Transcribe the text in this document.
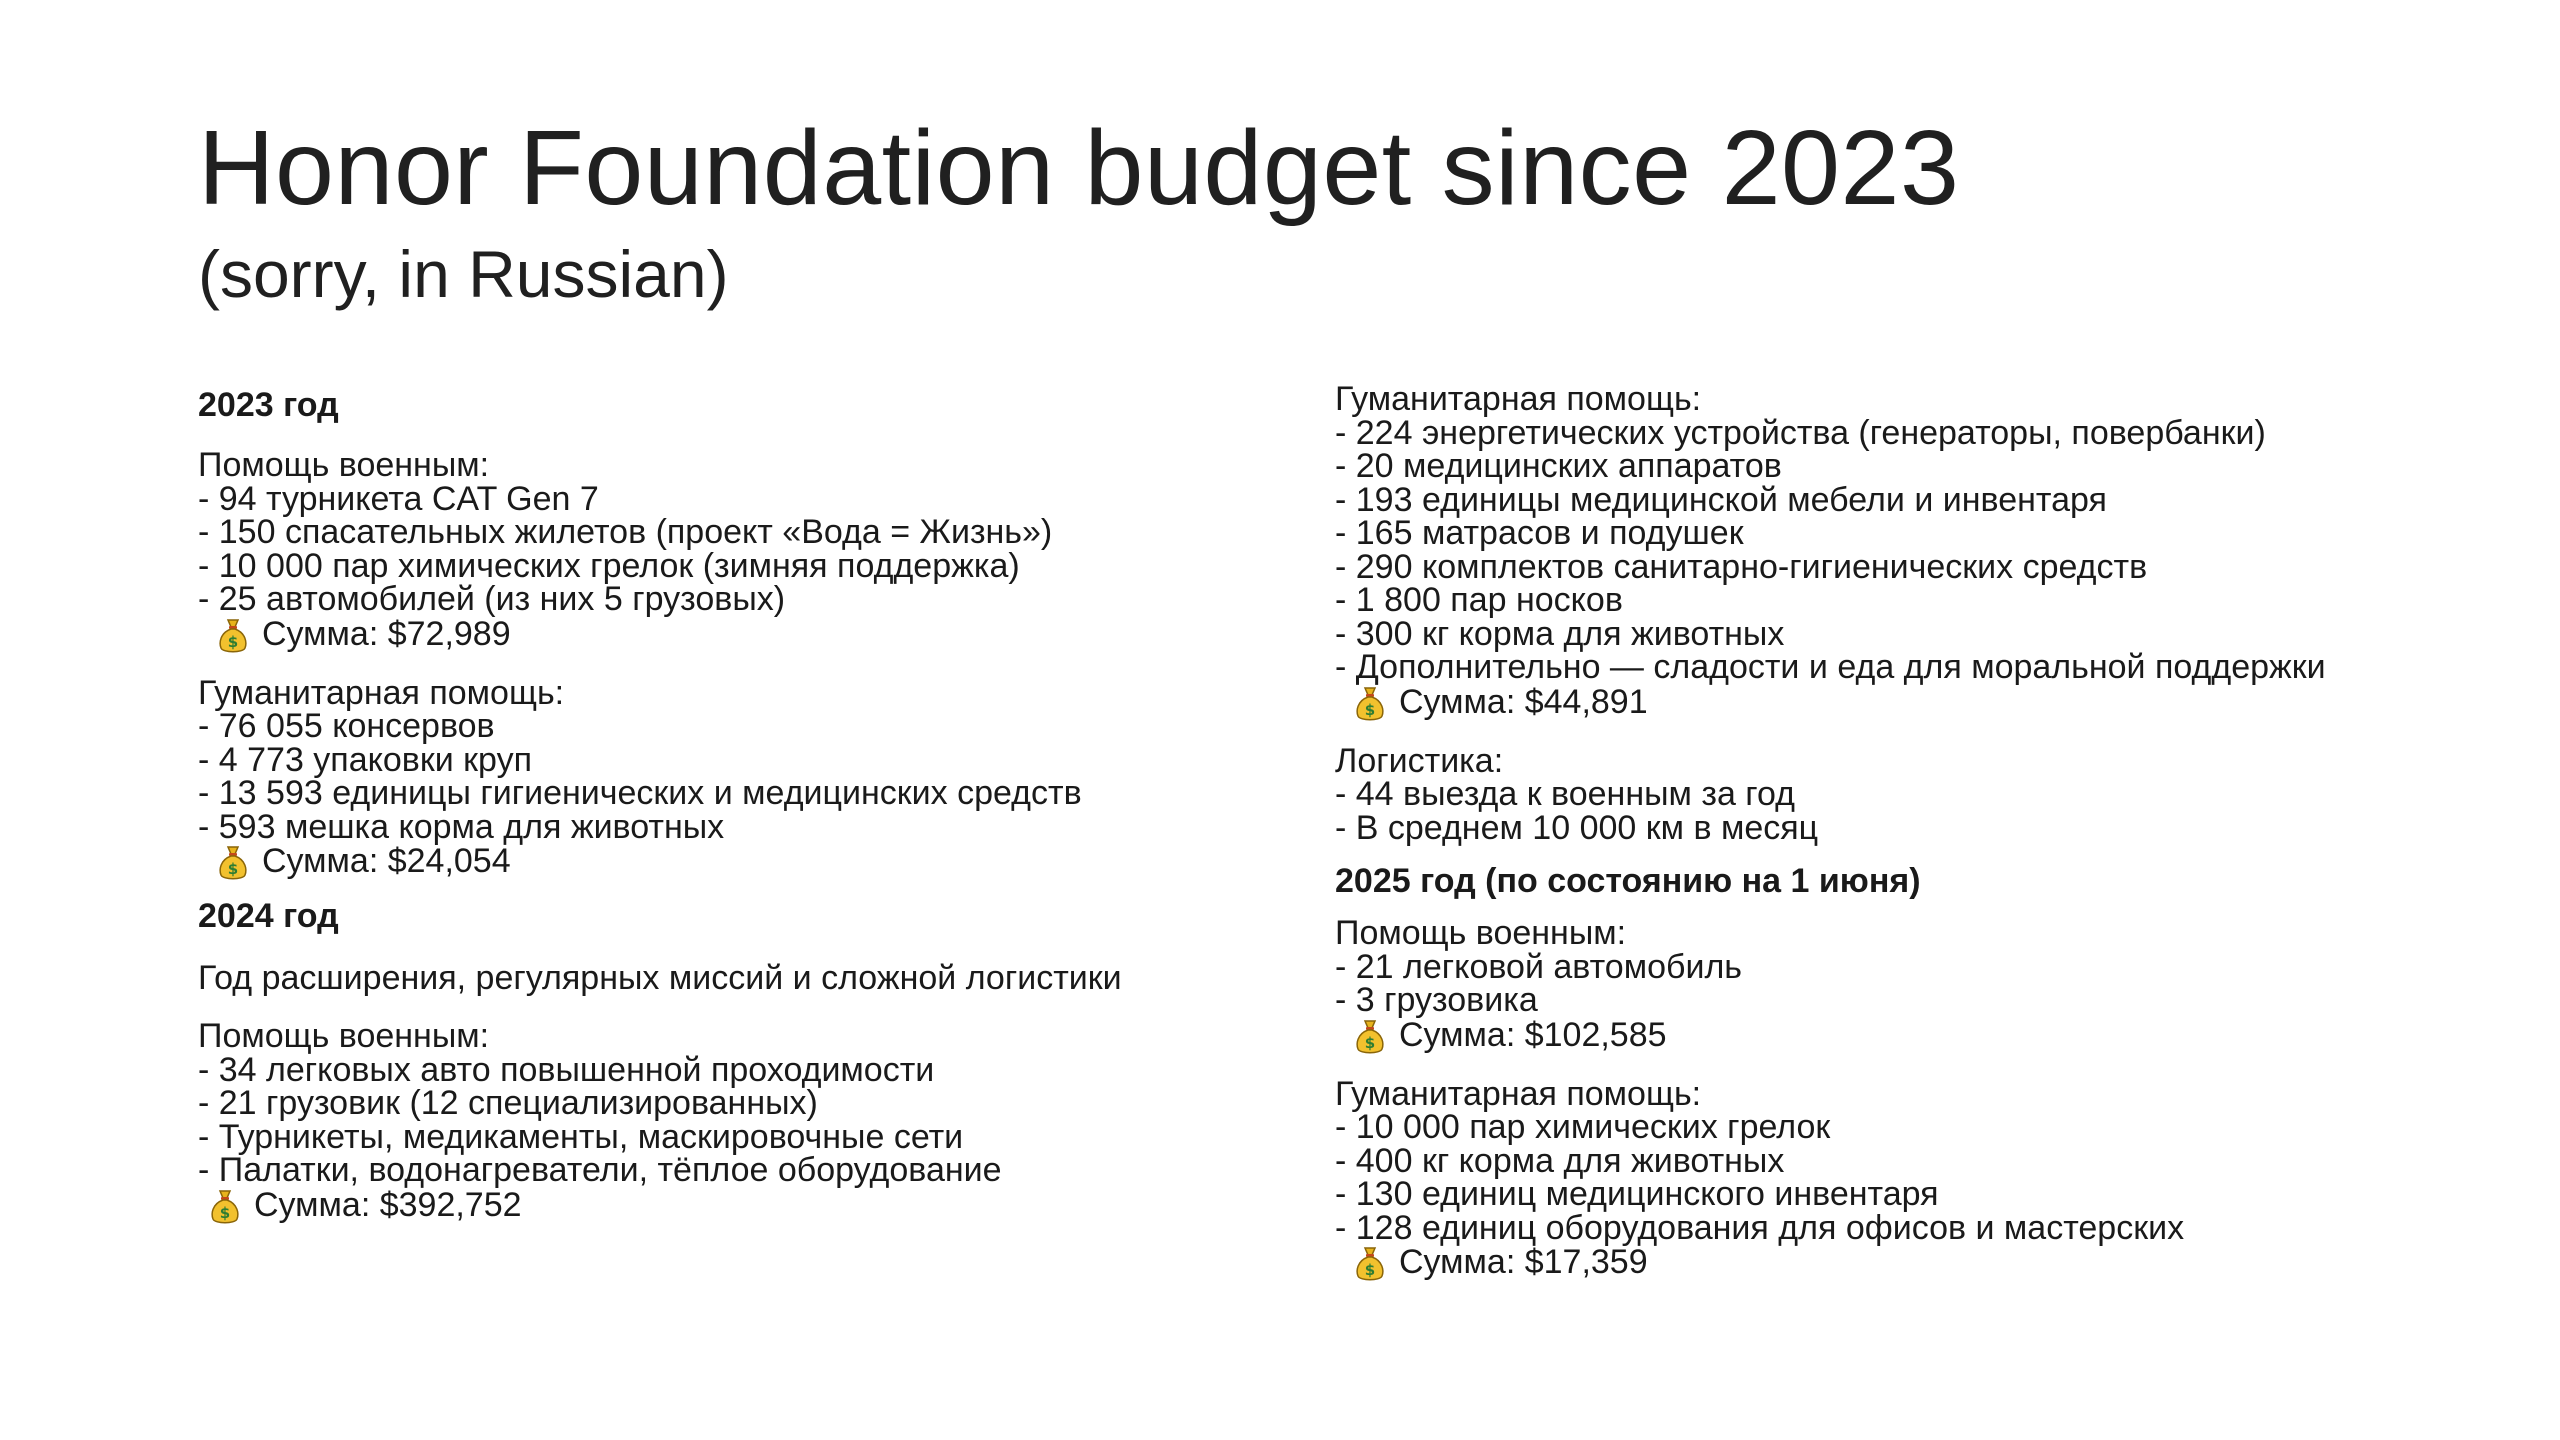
Honor Foundation budget since 2023
(sorry, in Russian)
2023 год
Помощь военным:
- 94 турникета CAT Gen 7
- 150 спасательных жилетов (проект «Вода = Жизнь»)
- 10 000 пар химических грелок (зимняя поддержка)
- 25 автомобилей (из них 5 грузовых)
Сумма: $72,989
Гуманитарная помощь:
- 76 055 консервов
- 4 773 упаковки круп
- 13 593 единицы гигиенических и медицинских средств
- 593 мешка корма для животных
Сумма: $24,054
2024 год
Год расширения, регулярных миссий и сложной логистики
Помощь военным:
- 34 легковых авто повышенной проходимости
- 21 грузовик (12 специализированных)
- Турникеты, медикаменты, маскировочные сети
- Палатки, водонагреватели, тёплое оборудование
Сумма: $392,752
Гуманитарная помощь:
- 224 энергетических устройства (генераторы, повербанки)
- 20 медицинских аппаратов
- 193 единицы медицинской мебели и инвентаря
- 165 матрасов и подушек
- 290 комплектов санитарно-гигиенических средств
- 1 800 пар носков
- 300 кг корма для животных
- Дополнительно — сладости и еда для моральной поддержки
Сумма: $44,891
Логистика:
- 44 выезда к военным за год
- В среднем 10 000 км в месяц
2025 год (по состоянию на 1 июня)
Помощь военным:
- 21 легковой автомобиль
- 3 грузовика
Сумма: $102,585
Гуманитарная помощь:
- 10 000 пар химических грелок
- 400 кг корма для животных
- 130 единиц медицинского инвентаря
- 128 единиц оборудования для офисов и мастерских
Сумма: $17,359
